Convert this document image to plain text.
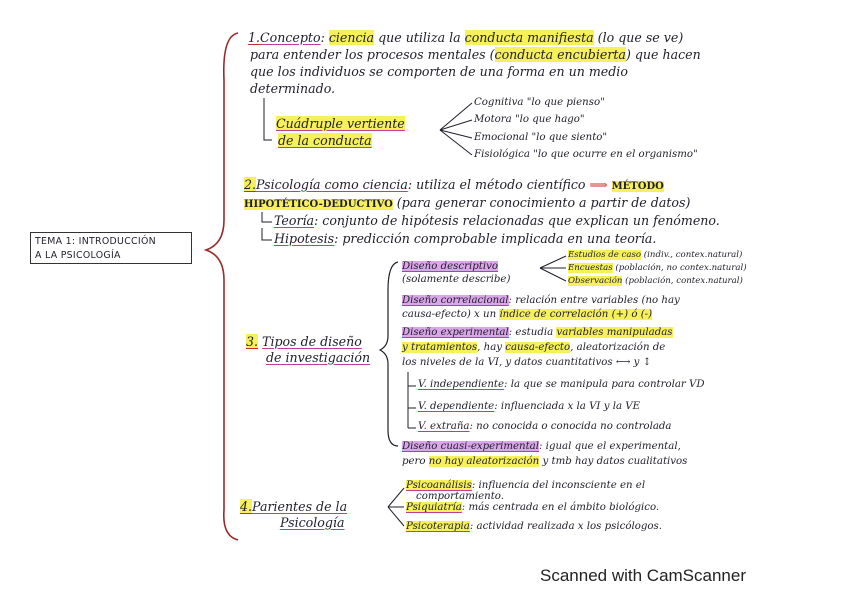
TEMA 1: INTRODUCCIÓN
A LA PSICOLOGÍA
1.Concepto: ciencia que utiliza la conducta manifiesta (lo que se ve)
para entender los procesos mentales (conducta encubierta) que hacen
que los individuos se comporten de una forma en un medio
determinado.
Cuádruple vertiente
de la conducta
Cognitiva "lo que pienso"
Motora "lo que hago"
Emocional "lo que siento"
Fisiológica "lo que ocurre en el organismo"
2.Psicología como ciencia: utiliza el método científico ⟹ MÉTODO
HIPOTÉTICO-DEDUCTIVO (para generar conocimiento a partir de datos)
Teoría: conjunto de hipótesis relacionadas que explican un fenómeno.
Hipotesis: predicción comprobable implicada en una teoría.
3. Tipos de diseño
de investigación
Diseño descriptivo
(solamente describe)
Estudios de caso (indiv., contex.natural)
Encuestas (población, no contex.natural)
Observación (población, contex.natural)
Diseño correlacional: relación entre variables (no hay
causa-efecto) x un índice de correlación (+) ó (-)
Diseño experimental: estudia variables manipuladas
y tratamientos, hay causa-efecto, aleatorización de
los niveles de la VI, y datos cuantitativos ⟷ y ↕
V. independiente: la que se manipula para controlar VD
V. dependiente: influenciada x la VI y la VE
V. extraña: no conocida o conocida no controlada
Diseño cuasi-experimental: igual que el experimental,
pero no hay aleatorización y tmb hay datos cualitativos
4.Parientes de la
Psicología
Psicoanálisis: influencia del inconsciente en el
comportamiento.
Psiquiatría: más centrada en el ámbito biológico.
Psicoterapia: actividad realizada x los psicólogos.
Scanned with CamScanner
